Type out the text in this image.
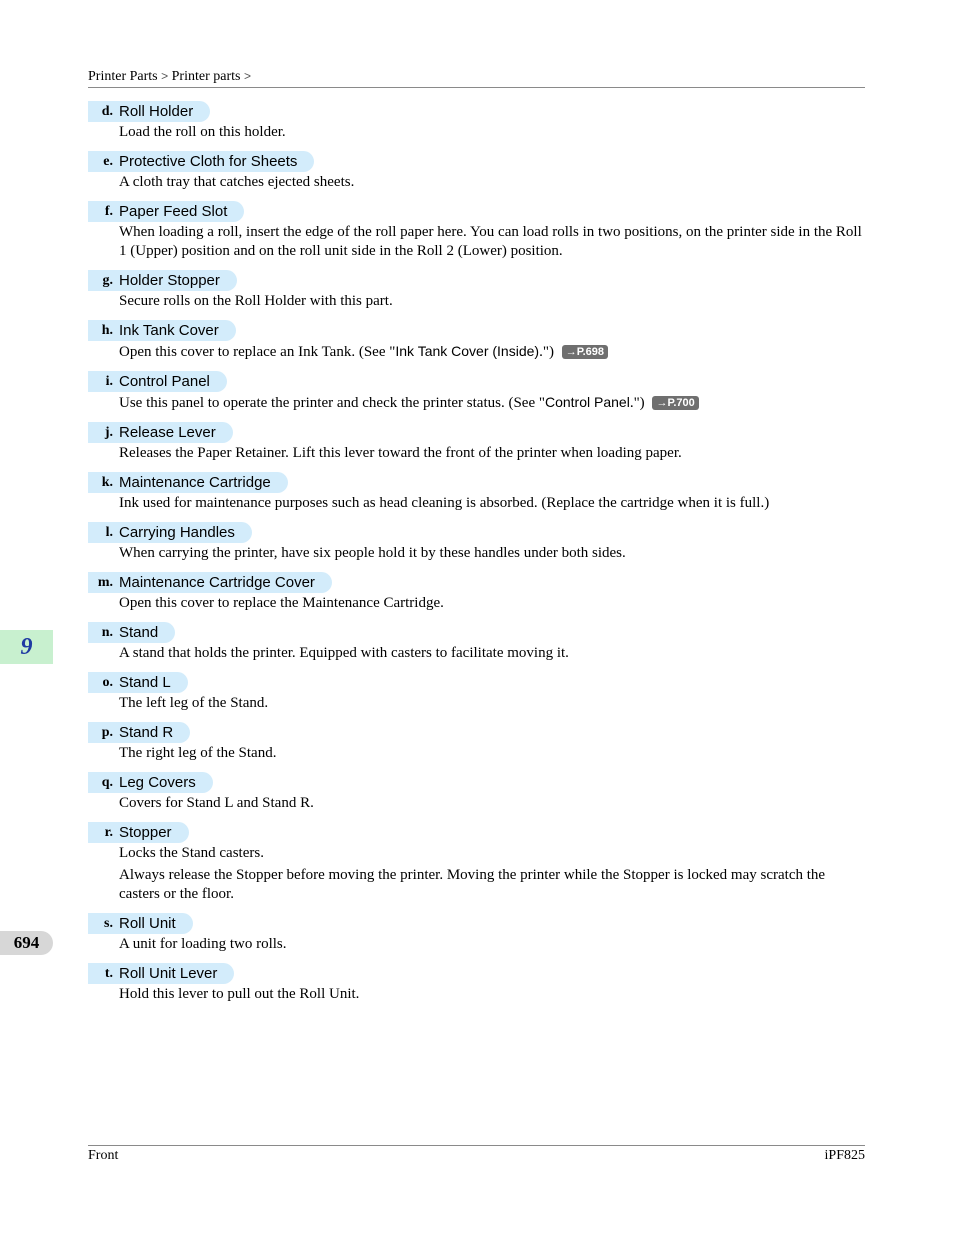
Printer Parts > Printer parts >
d. Roll Holder
Load the roll on this holder.
e. Protective Cloth for Sheets
A cloth tray that catches ejected sheets.
f. Paper Feed Slot
When loading a roll, insert the edge of the roll paper here. You can load rolls in two positions, on the printer side in the Roll 1 (Upper) position and on the roll unit side in the Roll 2 (Lower) position.
g. Holder Stopper
Secure rolls on the Roll Holder with this part.
h. Ink Tank Cover
Open this cover to replace an Ink Tank. (See "Ink Tank Cover (Inside).") →P.698
i. Control Panel
Use this panel to operate the printer and check the printer status. (See "Control Panel.") →P.700
j. Release Lever
Releases the Paper Retainer. Lift this lever toward the front of the printer when loading paper.
k. Maintenance Cartridge
Ink used for maintenance purposes such as head cleaning is absorbed. (Replace the cartridge when it is full.)
l. Carrying Handles
When carrying the printer, have six people hold it by these handles under both sides.
m. Maintenance Cartridge Cover
Open this cover to replace the Maintenance Cartridge.
n. Stand
A stand that holds the printer. Equipped with casters to facilitate moving it.
o. Stand L
The left leg of the Stand.
p. Stand R
The right leg of the Stand.
q. Leg Covers
Covers for Stand L and Stand R.
r. Stopper
Locks the Stand casters.
Always release the Stopper before moving the printer. Moving the printer while the Stopper is locked may scratch the casters or the floor.
s. Roll Unit
A unit for loading two rolls.
t. Roll Unit Lever
Hold this lever to pull out the Roll Unit.
9
694
Front	iPF825
